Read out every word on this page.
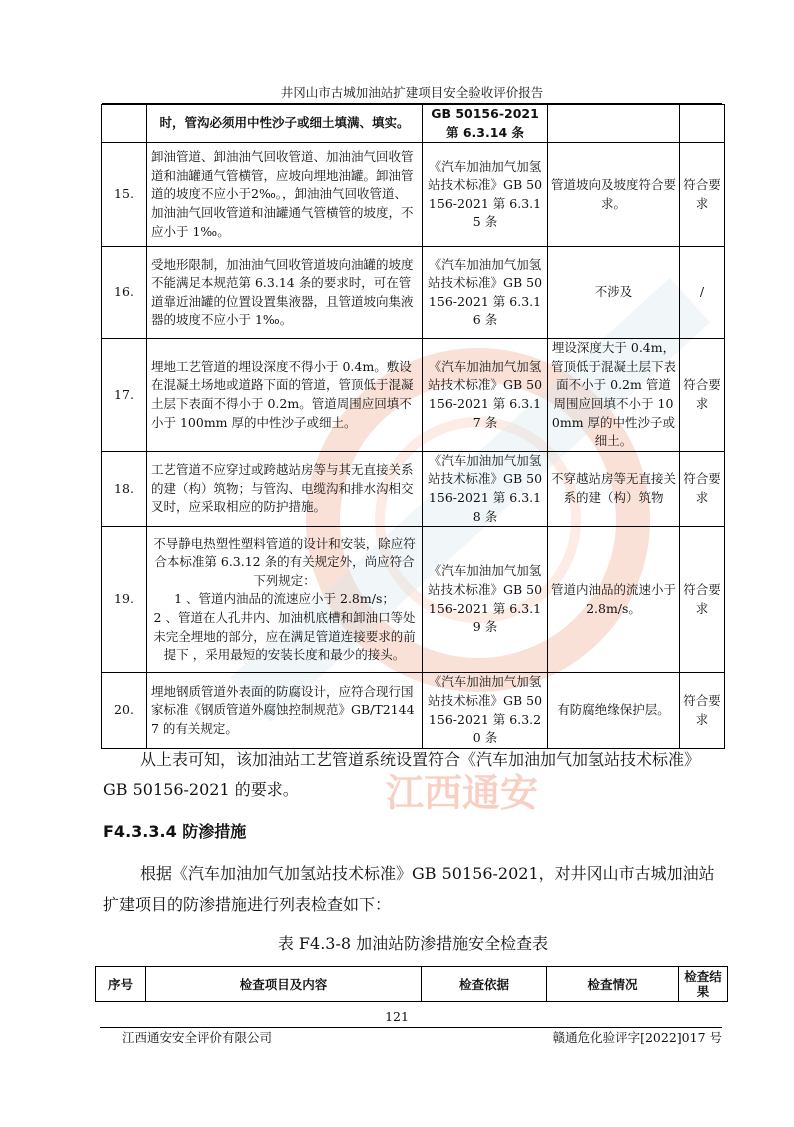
江西通安
井冈山市古城加油站扩建项目安全验收评价报告
	时，管沟必须用中性沙子或细土填满、填实。	GB 50156-2021 第 6.3.14 条		
15.	卸油管道、卸油油气回收管道、加油油气回收管道和油罐通气管横管，应坡向埋地油罐。卸油管道的坡度不应小于2‰。，卸油油气回收管道、加油油气回收管道和油罐通气管横管的坡度，不应小于 1‰。	《汽车加油加气加氢站技术标准》GB 50156-2021 第 6.3.15 条	管道坡向及坡度符合要求。	符合要求
16.	受地形限制，加油油气回收管道坡向油罐的坡度不能满足本规范第 6.3.14 条的要求时，可在管道靠近油罐的位置设置集液器，且管道坡向集液器的坡度不应小于 1‰。	《汽车加油加气加氢站技术标准》GB 50156-2021 第 6.3.16 条	不涉及	/
17.	埋地工艺管道的埋设深度不得小于 0.4m。敷设在混凝土场地或道路下面的管道，管顶低于混凝土层下表面不得小于 0.2m。管道周围应回填不小于 100mm 厚的中性沙子或细土。	《汽车加油加气加氢站技术标准》GB 50156-2021 第 6.3.17 条	埋设深度大于 0.4m，管顶低于混凝土层下表面不小于 0.2m 管道周围应回填不小于 100mm 厚的中性沙子或细土。	符合要求
18.	工艺管道不应穿过或跨越站房等与其无直接关系的建（构）筑物；与管沟、电缆沟和排水沟相交叉时，应采取相应的防护措施。	《汽车加油加气加氢站技术标准》GB 50156-2021 第 6.3.18 条	不穿越站房等无直接关系的建（构）筑物	符合要求
19.	不导静电热塑性塑料管道的设计和安装，除应符合本标准第 6.3.12 条的有关规定外，尚应符合下列规定：
1 、管道内油品的流速应小于 2.8m/s；
2 、管道在人孔井内、加油机底槽和卸油口等处未完全埋地的部分，应在满足管道连接要求的前提下 ，采用最短的安装长度和最少的接头。	《汽车加油加气加氢站技术标准》GB 50156-2021 第 6.3.19 条	管道内油品的流速小于 2.8m/s。	符合要求
20.	埋地钢质管道外表面的防腐设计，应符合现行国家标准《钢质管道外腐蚀控制规范》GB/T21447 的有关规定。	《汽车加油加气加氢站技术标准》GB 50156-2021 第 6.3.20 条	有防腐绝缘保护层。	符合要求

从上表可知，该加油站工艺管道系统设置符合《汽车加油加气加氢站技术标准》GB 50156-2021 的要求。

F4.3.3.4 防渗措施

根据《汽车加油加气加氢站技术标准》GB 50156-2021，对井冈山市古城加油站扩建项目的防渗措施进行列表检查如下：

表 F4.3-8 加油站防渗措施安全检查表

序号	检查项目及内容	检查依据	检查情况	检查结果
121
江西通安安全评价有限公司	赣通危化验评字[2022]017 号
